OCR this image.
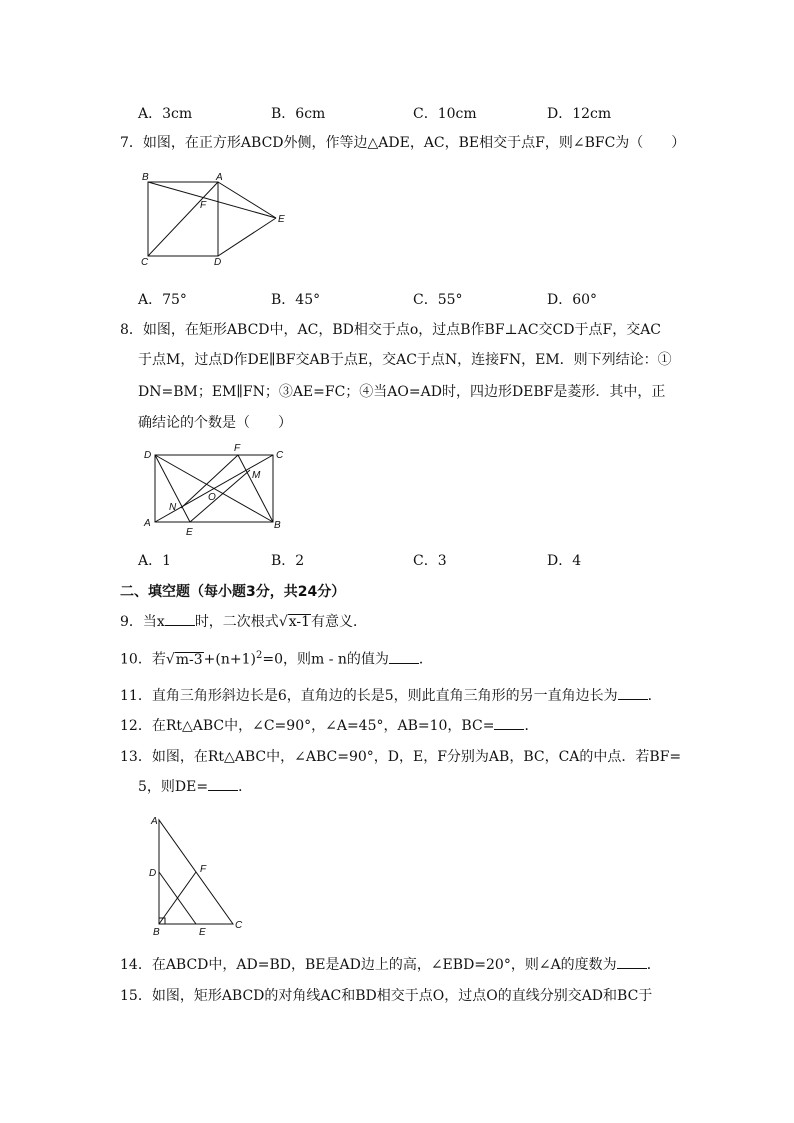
A．3cm	B．6cm	C．10cm	D．12cm
7．如图，在正方形ABCD外侧，作等边△ADE，AC，BE相交于点F，则∠BFC为（　　）
B	A
F
E
C	D
A．75°	B．45°	C．55°	D．60°
8．如图，在矩形ABCD中，AC，BD相交于点o，过点B作BF⊥AC交CD于点F，交AC
于点M，过点D作DE∥BF交AB于点E，交AC于点N，连接FN，EM．则下列结论：①
DN=BM；EM∥FN；③AE=FC；④当AO=AD时，四边形DEBF是菱形．其中，正
确结论的个数是（　　）
D
F
C
M
O
N
A
E
B
A．1	B．2	C．3	D．4
二、填空题（每小题3分，共24分）
9．当x 时，二次根式√x-1有意义．
10．若$√m-3+(n+1)^2=0$，则m - n的值为 ．
11．直角三角形斜边长是6，直角边的长是5，则此直角三角形的另一直角边长为 ．
12．在Rt△ABC中，∠C=90°，∠A=45°，AB=10，BC= ．
13．如图，在Rt△ABC中，∠ABC=90°，D，E，F分别为AB，BC，CA的中点．若BF=
5，则DE= ．
A
D	F
B	E
C
14．在ABCD中，AD=BD，BE是AD边上的高，∠EBD=20°，则∠A的度数为 ．
15．如图，矩形ABCD的对角线AC和BD相交于点O，过点O的直线分别交AD和BC于
